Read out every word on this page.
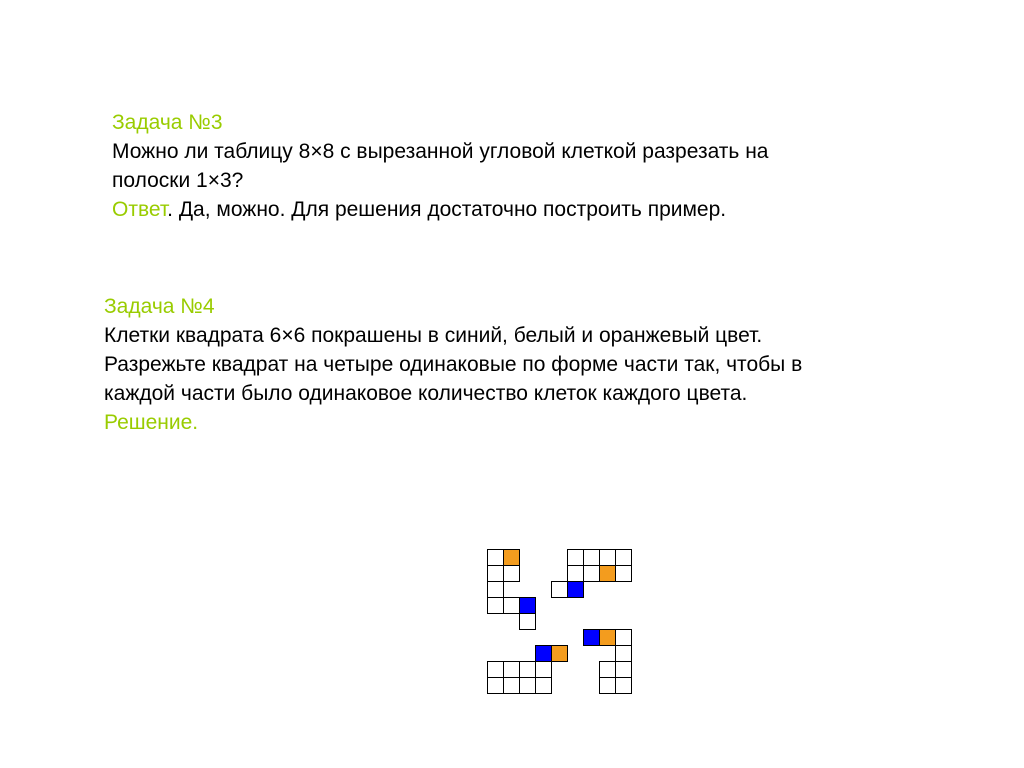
Задача №3
Можно ли таблицу 8×8 с вырезанной угловой клеткой разрезать на
полоски 1×3?
Ответ. Да, можно. Для решения достаточно построить пример.
Задача №4
Клетки квадрата 6×6 покрашены в синий, белый и оранжевый цвет.
Разрежьте квадрат на четыре одинаковые по форме части так, чтобы в
каждой части было одинаковое количество клеток каждого цвета.
Решение.
